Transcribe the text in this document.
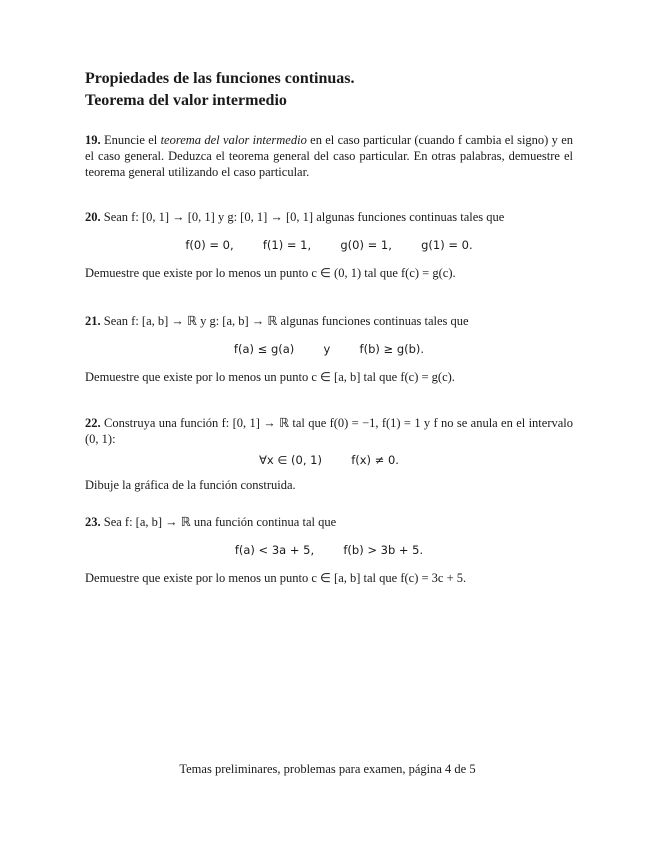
Propiedades de las funciones continuas.
Teorema del valor intermedio

19. Enuncie el teorema del valor intermedio en el caso particular (cuando f cambia el signo) y en el caso general. Deduzca el teorema general del caso particular. En otras palabras, demuestre el teorema general utilizando el caso particular.

20. Sean f: [0, 1] → [0, 1] y g: [0, 1] → [0, 1] algunas funciones continuas tales que

f(0) = 0,        f(1) = 1,        g(0) = 1,        g(1) = 0.

Demuestre que existe por lo menos un punto c ∈ (0, 1) tal que f(c) = g(c).

21. Sean f: [a, b] → ℝ y g: [a, b] → ℝ algunas funciones continuas tales que

f(a) ≤ g(a)        y        f(b) ≥ g(b).

Demuestre que existe por lo menos un punto c ∈ [a, b] tal que f(c) = g(c).

22. Construya una función f: [0, 1] → ℝ tal que f(0) = −1, f(1) = 1 y f no se anula en el intervalo (0, 1):

∀x ∈ (0, 1)        f(x) ≠ 0.

Dibuje la gráfica de la función construida.

23. Sea f: [a, b] → ℝ una función continua tal que

f(a) < 3a + 5,        f(b) > 3b + 5.

Demuestre que existe por lo menos un punto c ∈ [a, b] tal que f(c) = 3c + 5.

Temas preliminares, problemas para examen, página 4 de 5
